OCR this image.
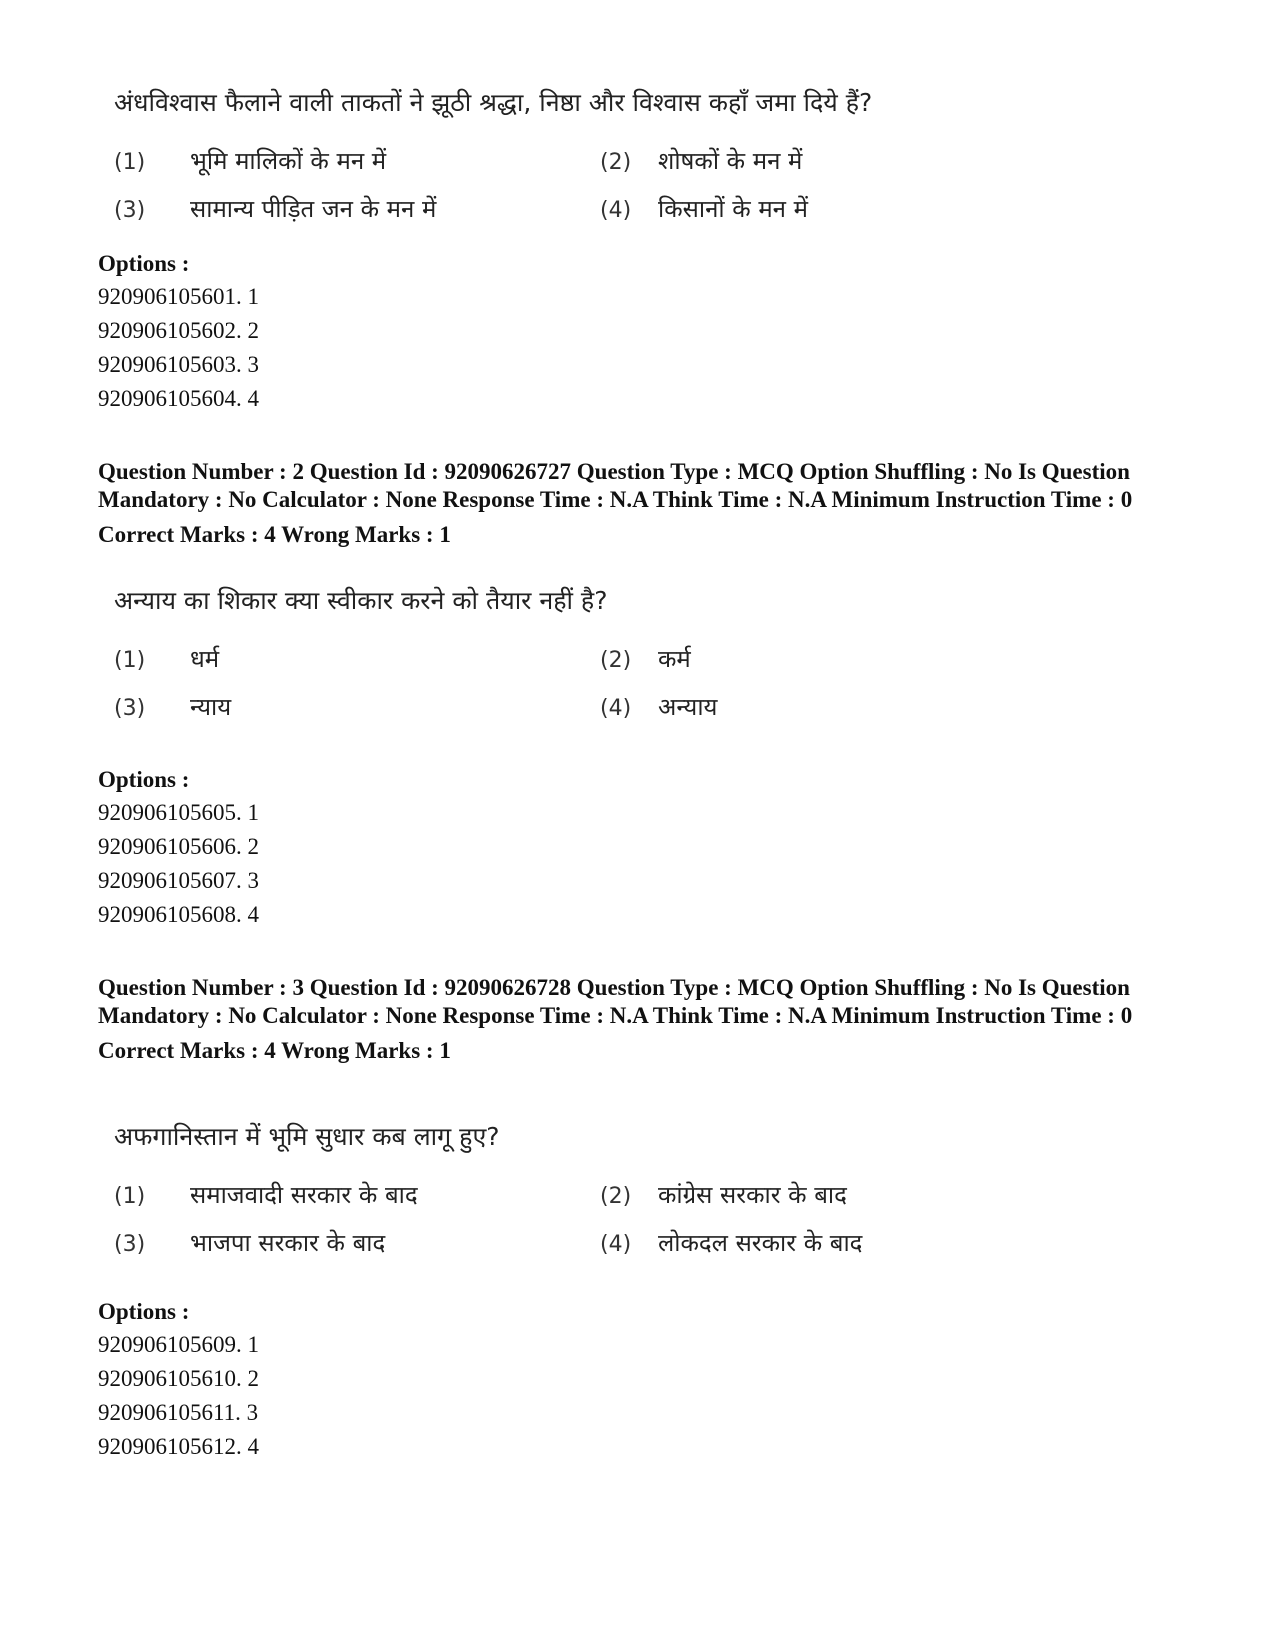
अंधविश्वास फैलाने वाली ताकतों ने झूठी श्रद्धा, निष्ठा और विश्वास कहाँ जमा दिये हैं?
(1) भूमि मालिकों के मन में	(2) शोषकों के मन में
(3) सामान्य पीड़ित जन के मन में	(4) किसानों के मन में
Options :
920906105601. 1
920906105602. 2
920906105603. 3
920906105604. 4
Question Number : 2 Question Id : 92090626727 Question Type : MCQ Option Shuffling : No Is Question Mandatory : No Calculator : None Response Time : N.A Think Time : N.A Minimum Instruction Time : 0
Correct Marks : 4 Wrong Marks : 1
अन्याय का शिकार क्या स्वीकार करने को तैयार नहीं है?
(1) धर्म	(2) कर्म
(3) न्याय	(4) अन्याय
Options :
920906105605. 1
920906105606. 2
920906105607. 3
920906105608. 4
Question Number : 3 Question Id : 92090626728 Question Type : MCQ Option Shuffling : No Is Question Mandatory : No Calculator : None Response Time : N.A Think Time : N.A Minimum Instruction Time : 0
Correct Marks : 4 Wrong Marks : 1
अफगानिस्तान में भूमि सुधार कब लागू हुए?
(1) समाजवादी सरकार के बाद	(2) कांग्रेस सरकार के बाद
(3) भाजपा सरकार के बाद	(4) लोकदल सरकार के बाद
Options :
920906105609. 1
920906105610. 2
920906105611. 3
920906105612. 4
